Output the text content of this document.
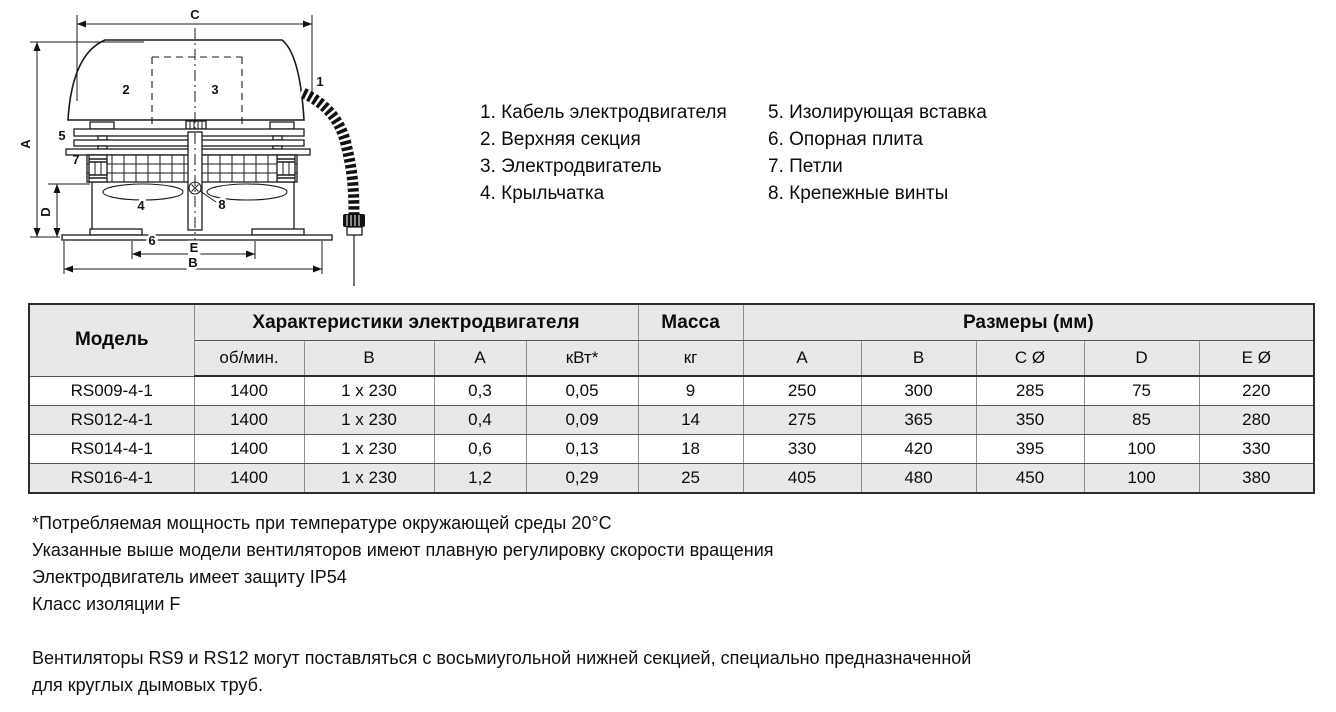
1
2	3
4
5
6
7
8
C
A
D
E
B
1. Кабель электродвигателя
2. Верхняя секция
3. Электродвигатель
4. Крыльчатка
5. Изолирующая вставка
6. Опорная плита
7. Петли
8. Крепежные винты
Модель	Характеристики электродвигателя				Масса	Размеры (мм)				
	об/мин.	В	А	кВт*	кг	A	B	C Ø	D	E Ø
RS009-4-1	1400	1 x 230	0,3	0,05	9	250	300	285	75	220
RS012-4-1	1400	1 x 230	0,4	0,09	14	275	365	350	85	280
RS014-4-1	1400	1 x 230	0,6	0,13	18	330	420	395	100	330
RS016-4-1	1400	1 x 230	1,2	0,29	25	405	480	450	100	380
*Потребляемая мощность при температуре окружающей среды 20°С
Указанные выше модели вентиляторов имеют плавную регулировку скорости вращения
Электродвигатель имеет защиту IP54
Класс изоляции F
Вентиляторы RS9 и RS12 могут поставляться с восьмиугольной нижней секцией, специально предназначенной
для круглых дымовых труб.
